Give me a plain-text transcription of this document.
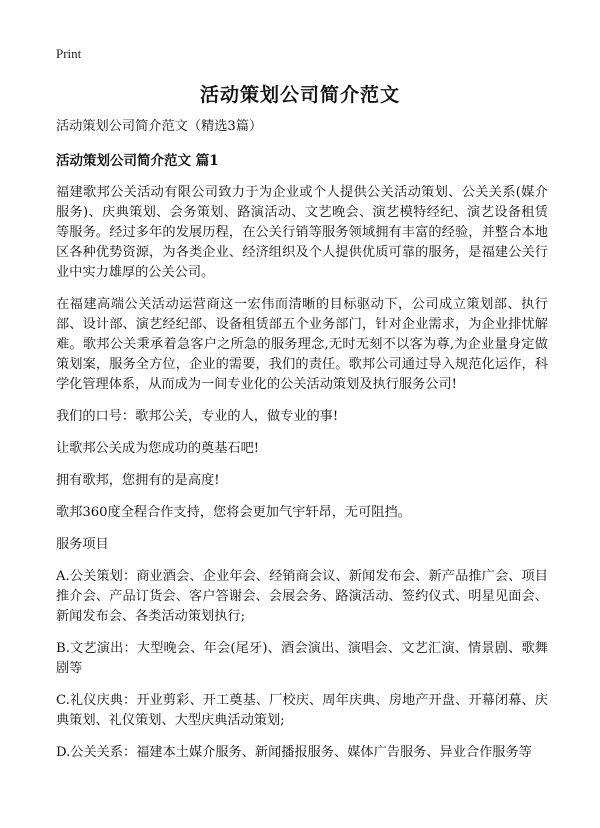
Print
活动策划公司简介范文

活动策划公司简介范文（精选3篇）

活动策划公司简介范文 篇1

福建歌邦公关活动有限公司致力于为企业或个人提供公关活动策划、公关关系(媒介服务)、庆典策划、会务策划、路演活动、文艺晚会、演艺模特经纪、演艺设备租赁等服务。经过多年的发展历程，在公关行销等服务领域拥有丰富的经验，并整合本地区各种优势资源，为各类企业、经济组织及个人提供优质可靠的服务，是福建公关行业中实力雄厚的公关公司。

在福建高端公关活动运营商这一宏伟而清晰的目标驱动下，公司成立策划部、执行部、设计部、演艺经纪部、设备租赁部五个业务部门，针对企业需求，为企业排忧解难。歌邦公关秉承着急客户之所急的服务理念,无时无刻不以客为尊,为企业量身定做策划案，服务全方位，企业的需要，我们的责任。歌邦公司通过导入规范化运作，科学化管理体系，从而成为一间专业化的公关活动策划及执行服务公司!

我们的口号：歌邦公关，专业的人，做专业的事!

让歌邦公关成为您成功的奠基石吧!

拥有歌邦，您拥有的是高度!

歌邦360度全程合作支持，您将会更加气宇轩昂，无可阻挡。

服务项目

A.公关策划：商业酒会、企业年会、经销商会议、新闻发布会、新产品推广会、项目推介会、产品订货会、客户答谢会、会展会务、路演活动、签约仪式、明星见面会、新闻发布会、各类活动策划执行;

B.文艺演出：大型晚会、年会(尾牙)、酒会演出、演唱会、文艺汇演、情景剧、歌舞剧等

C.礼仪庆典：开业剪彩、开工奠基、厂校庆、周年庆典、房地产开盘、开幕闭幕、庆典策划、礼仪策划、大型庆典活动策划;

D.公关关系：福建本土媒介服务、新闻播报服务、媒体广告服务、异业合作服务等
